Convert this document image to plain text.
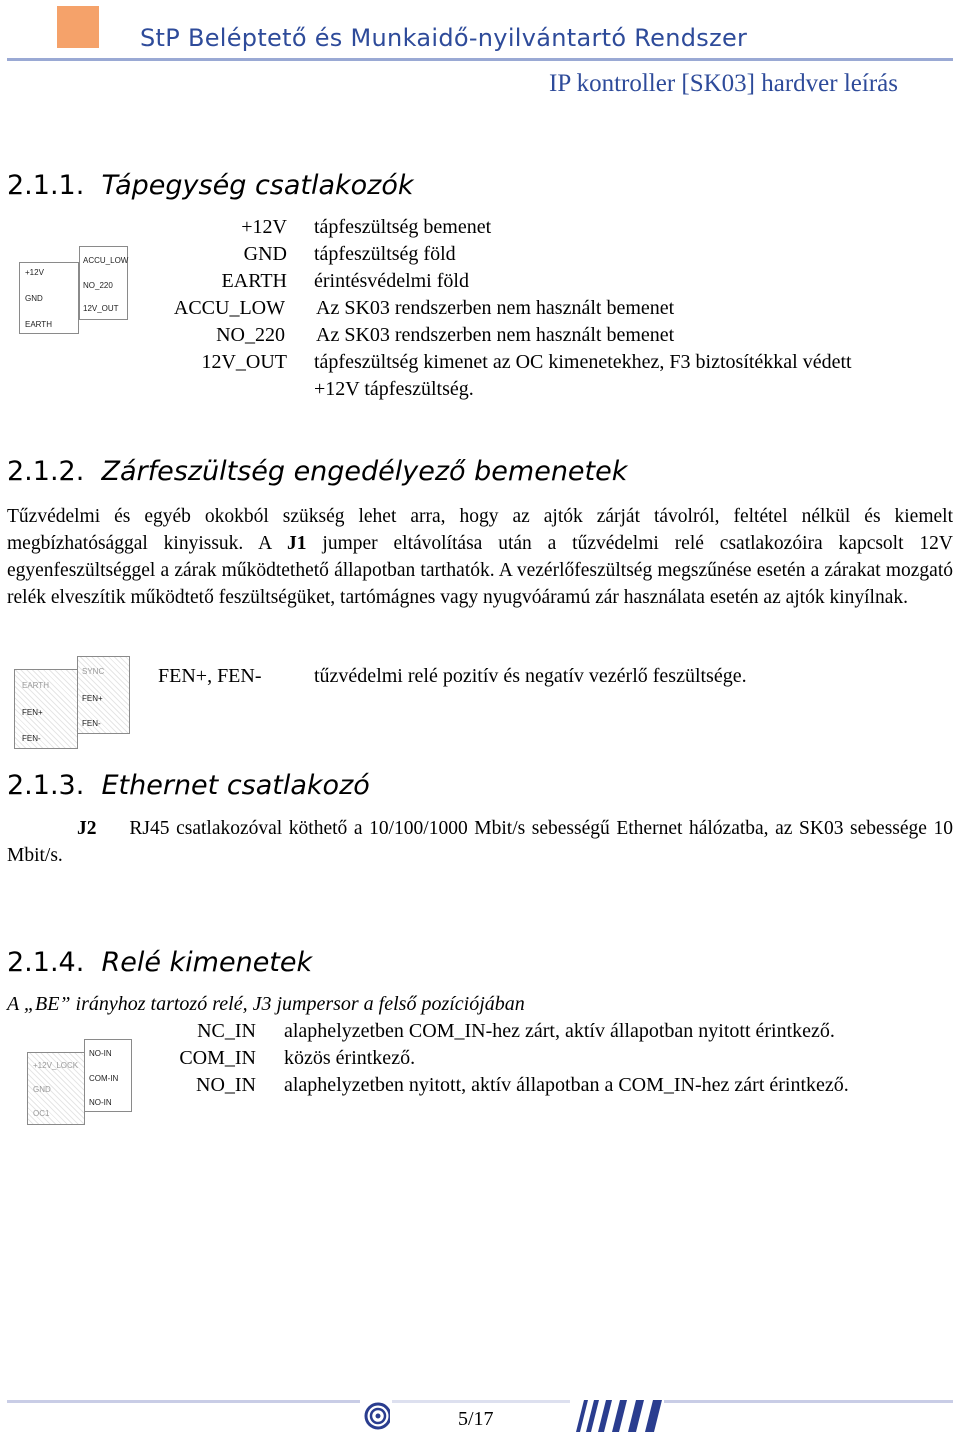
StP Beléptető és Munkaidő-nyilvántartó Rendszer
IP kontroller [SK03] hardver leírás
2.1.1. Tápegység csatlakozók
+12V
GND
EARTH
ACCU_LOW
NO_220
12V_OUT
+12V tápfeszültség bemenet
GND tápfeszültség föld
EARTH érintésvédelmi föld
ACCU_LOW Az SK03 rendszerben nem használt bemenet
NO_220 Az SK03 rendszerben nem használt bemenet
12V_OUT tápfeszültség kimenet az OC kimenetekhez, F3 biztosítékkal védett
+12V tápfeszültség.
2.1.2. Zárfeszültség engedélyező bemenetek
Tűzvédelmi és egyéb okokból szükség lehet arra, hogy az ajtók zárját távolról, feltétel nélkül és kiemelt megbízhatósággal kinyissuk. A J1 jumper eltávolítása után a tűzvédelmi relé csatlakozóira kapcsolt 12V egyenfeszültséggel a zárak működtethető állapotban tarthatók. A vezérlőfeszültség megszűnése esetén a zárakat mozgató relék elveszítik működtető feszültségüket, tartómágnes vagy nyugvóáramú zár használata esetén az ajtók kinyílnak.
EARTH
FEN+
FEN-
SYNC
FEN+
FEN-
FEN+, FEN-	tűzvédelmi relé pozitív és negatív vezérlő feszültsége.
2.1.3. Ethernet csatlakozó
J2 RJ45 csatlakozóval köthető a 10/100/1000 Mbit/s sebességű Ethernet hálózatba, az SK03 sebessége 10 Mbit/s.
2.1.4. Relé kimenetek
A „BE” irányhoz tartozó relé, J3 jumpersor a felső pozíciójában
+12V_LOCK
GND
OC1
NO-IN
COM-IN
NO-IN
NC_IN alaphelyzetben COM_IN-hez zárt, aktív állapotban nyitott érintkező.
COM_IN közös érintkező.
NO_IN alaphelyzetben nyitott, aktív állapotban a COM_IN-hez zárt érintkező.
5/17
